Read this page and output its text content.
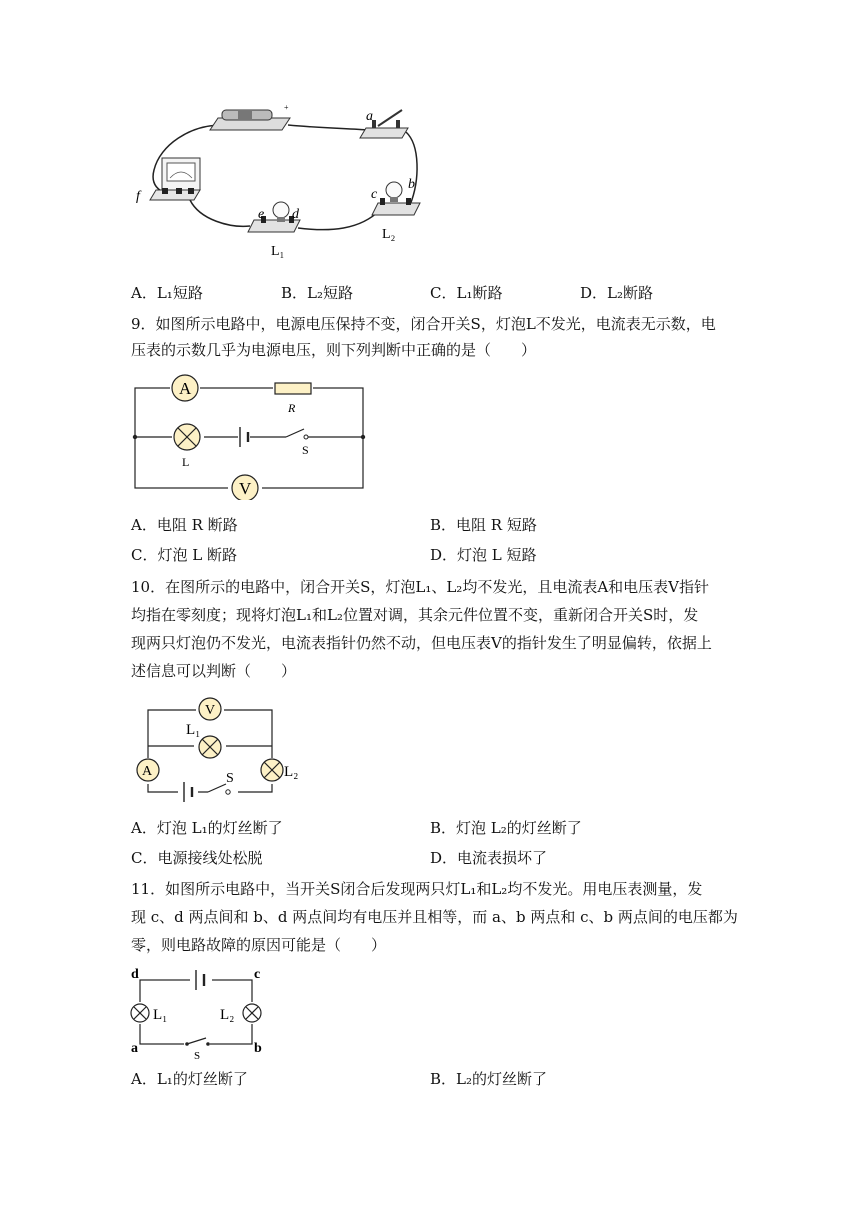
+
a
f
e d
L₁
c
b
L₂
A．L₁短路	B．L₂短路	C．L₁断路	D．L₂断路
9．如图所示电路中，电源电压保持不变，闭合开关S，灯泡L不发光，电流表无示数，电
压表的示数几乎为电源电压，则下列判断中正确的是（　　）
A
R
L
S
V
A．电阻 R 断路	B．电阻 R 短路
C．灯泡 L 断路	D．灯泡 L 短路
10．在图所示的电路中，闭合开关S，灯泡L₁、L₂均不发光，且电流表A和电压表V指针
均指在零刻度；现将灯泡L₁和L₂位置对调，其余元件位置不变，重新闭合开关S时，发
现两只灯泡仍不发光，电流表指针仍然不动，但电压表V的指针发生了明显偏转，依据上
述信息可以判断（　　）
V
L₁
A	L₂
S
A．灯泡 L₁的灯丝断了	B．灯泡 L₂的灯丝断了
C．电源接线处松脱	D．电流表损坏了
11．如图所示电路中，当开关S闭合后发现两只灯L₁和L₂均不发光。用电压表测量，发
现 c、d 两点间和 b、d 两点间均有电压并且相等，而 a、b 两点和 c、b 两点间的电压都为
零，则电路故障的原因可能是（　　）
d	c
a	b
L₁	L₂
S
A．L₁的灯丝断了	B．L₂的灯丝断了
